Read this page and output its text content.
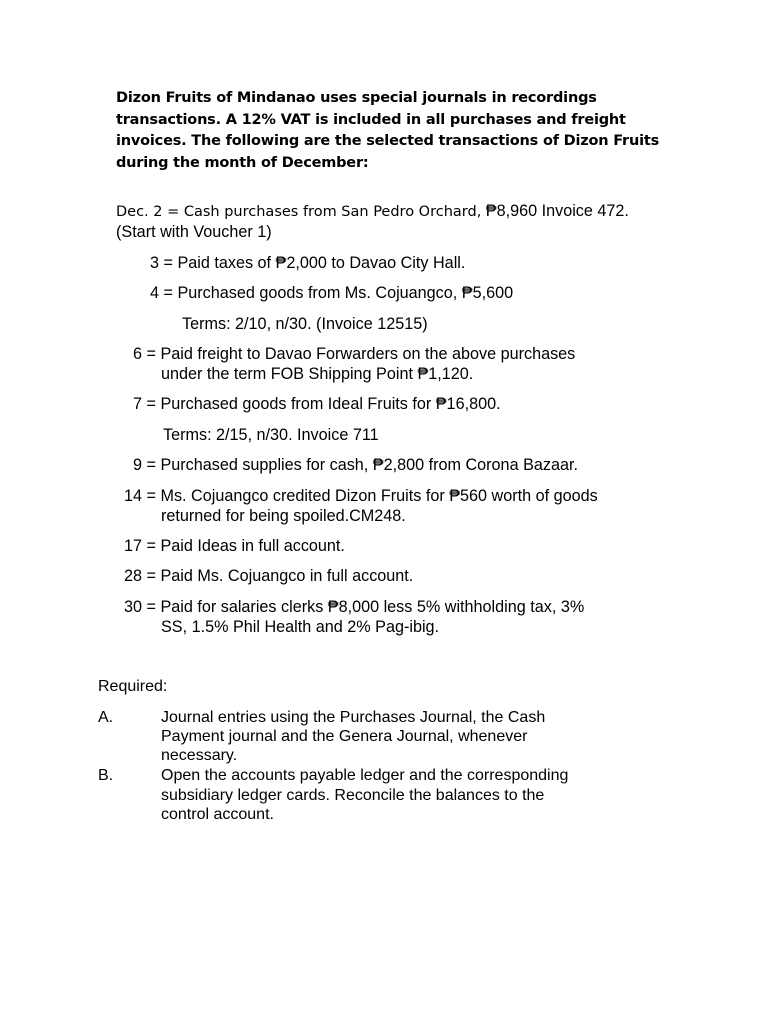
Dizon Fruits of Mindanao uses special journals in recordings
transactions. A 12% VAT is included in all purchases and freight
invoices. The following are the selected transactions of Dizon Fruits
during the month of December:
Dec. 2 = Cash purchases from San Pedro Orchard, ₱8,960 Invoice 472.
(Start with Voucher 1)
3 = Paid taxes of ₱2,000 to Davao City Hall.
4 = Purchased goods from Ms. Cojuangco, ₱5,600
Terms: 2/10, n/30. (Invoice 12515)
6 = Paid freight to Davao Forwarders on the above purchases
under the term FOB Shipping Point ₱1,120.
7 = Purchased goods from Ideal Fruits for ₱16,800.
Terms: 2/15, n/30. Invoice 711
9 = Purchased supplies for cash, ₱2,800 from Corona Bazaar.
14 = Ms. Cojuangco credited Dizon Fruits for ₱560 worth of goods
returned for being spoiled.CM248.
17 = Paid Ideas in full account.
28 = Paid Ms. Cojuangco in full account.
30 = Paid for salaries clerks ₱8,000 less 5% withholding tax, 3%
SS, 1.5% Phil Health and 2% Pag-ibig.
Required:
A.	Journal entries using the Purchases Journal, the Cash
Payment journal and the Genera Journal, whenever
necessary.
B.	Open the accounts payable ledger and the corresponding
subsidiary ledger cards. Reconcile the balances to the
control account.
